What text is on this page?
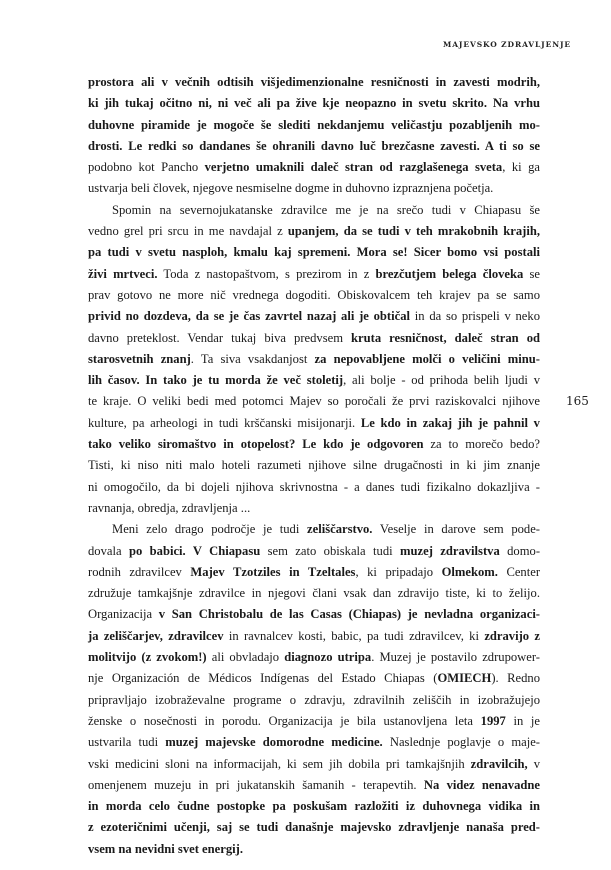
MAJEVSKO ZDRAVLJENJE
165
prostora ali v večnih odtisih višjedimenzionalne resničnosti in zavesti modrih,
ki jih tukaj očitno ni, ni več ali pa žive kje neopazno in svetu skrito. Na vrhu
duhovne piramide je mogoče še slediti nekdanjemu veličastju pozabljenih mo-
drosti. Le redki so dandanes še ohranili davno luč brezčasne zavesti. A ti so se
podobno kot Pancho verjetno umaknili daleč stran od razglašenega sveta, ki ga
ustvarja beli človek, njegove nesmiselne dogme in duhovno izpraznjena početja.
Spomin na severnojukatanske zdravilce me je na srečo tudi v Chiapasu še
vedno grel pri srcu in me navdajal z upanjem, da se tudi v teh mrakobnih krajih,
pa tudi v svetu nasploh, kmalu kaj spremeni. Mora se! Sicer bomo vsi postali
živi mrtveci. Toda z nastopaštvom, s prezirom in z brezčutjem belega človeka se
prav gotovo ne more nič vrednega dogoditi. Obiskovalcem teh krajev pa se samo
privid no dozdeva, da se je čas zavrtel nazaj ali je obtičal in da so prispeli v neko
davno preteklost. Vendar tukaj biva predvsem kruta resničnost, daleč stran od
starosvetnih znanj. Ta siva vsakdanjost za nepovabljene molči o veličini minu-
lih časov. In tako je tu morda že več stoletij, ali bolje - od prihoda belih ljudi v
te kraje. O veliki bedi med potomci Majev so poročali že prvi raziskovalci njihove
kulture, pa arheologi in tudi krščanski misijonarji. Le kdo in zakaj jih je pahnil v
tako veliko siromaštvo in otopelost? Le kdo je odgovoren za to morečo bedo?
Tisti, ki niso niti malo hoteli razumeti njihove silne drugačnosti in ki jim znanje
ni omogočilo, da bi dojeli njihova skrivnostna - a danes tudi fizikalno dokazljiva -
ravnanja, obredja, zdravljenja ...
Meni zelo drago področje je tudi zeliščarstvo. Veselje in darove sem pode-
dovala po babici. V Chiapasu sem zato obiskala tudi muzej zdravilstva domo-
rodnih zdravilcev Majev Tzotziles in Tzeltales, ki pripadajo Olmekom. Center
združuje tamkajšnje zdravilce in njegovi člani vsak dan zdravijo tiste, ki to želijo.
Organizacija v San Christobalu de las Casas (Chiapas) je nevladna organizaci-
ja zeliščarjev, zdravilcev in ravnalcev kosti, babic, pa tudi zdravilcev, ki zdravijo z
molitvijo (z zvokom!) ali obvladajo diagnozo utripa. Muzej je postavilo zdrupower-
nje Organización de Médicos Indígenas del Estado Chiapas (OMIECH). Redno
pripravljajo izobraževalne programe o zdravju, zdravilnih zeliščih in izobražujejo
ženske o nosečnosti in porodu. Organizacija je bila ustanovljena leta 1997 in je
ustvarila tudi muzej majevske domorodne medicine. Naslednje poglavje o maje-
vski medicini sloni na informacijah, ki sem jih dobila pri tamkajšnjih zdravilcih, v
omenjenem muzeju in pri jukatanskih šamanih - terapevtih. Na videz nenavadne
in morda celo čudne postopke pa poskušam razložiti iz duhovnega vidika in
z ezoteričnimi učenji, saj se tudi današnje majevsko zdravljenje nanaša pred-
vsem na nevidni svet energij.
